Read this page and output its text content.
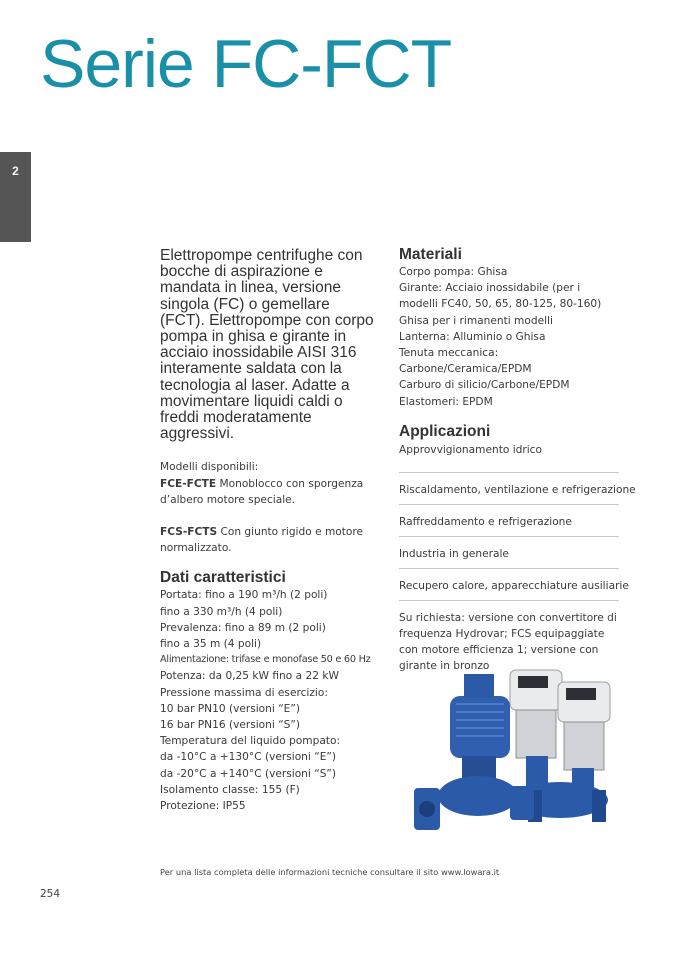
Serie FC-FCT
2

Elettropompe centrifughe con bocche di aspirazione e mandata in linea, versione singola (FC) o gemellare (FCT). Elettropompe con corpo pompa in ghisa e girante in acciaio inossidabile AISI 316 interamente saldata con la tecnologia al laser. Adatte a movimentare liquidi caldi o freddi moderatamente aggressivi.

Modelli disponibili:
FCE-FCTE Monoblocco con sporgenza d’albero motore speciale.
FCS-FCTS Con giunto rigido e motore normalizzato.
Dati caratteristici
Portata: fino a 190 m³/h (2 poli)
fino a 330 m³/h (4 poli)
Prevalenza: fino a 89 m (2 poli)
fino a 35 m (4 poli)
Alimentazione: trifase e monofase 50 e 60 Hz
Potenza: da 0,25 kW fino a 22 kW
Pressione massima di esercizio:
10 bar PN10 (versioni “E”)
16 bar PN16 (versioni “S”)
Temperatura del liquido pompato:
da -10°C a +130°C (versioni “E”)
da -20°C a +140°C (versioni “S”)
Isolamento classe: 155 (F)
Protezione: IP55
Materiali
Corpo pompa: Ghisa
Girante: Acciaio inossidabile (per i
modelli FC40, 50, 65, 80-125, 80-160)
Ghisa per i rimanenti modelli
Lanterna: Alluminio o Ghisa
Tenuta meccanica:
Carbone/Ceramica/EPDM
Carburo di silicio/Carbone/EPDM
Elastomeri: EPDM
Applicazioni
Approvvigionamento idrico
Riscaldamento, ventilazione e refrigerazione
Raffreddamento e refrigerazione
Industria in generale
Recupero calore, apparecchiature ausiliarie
Su richiesta: versione con convertitore di frequenza Hydrovar; FCS equipaggiate con motore efficienza 1; versione con girante in bronzo
Per una lista completa delle informazioni tecniche consultare il sito www.lowara.it
254
